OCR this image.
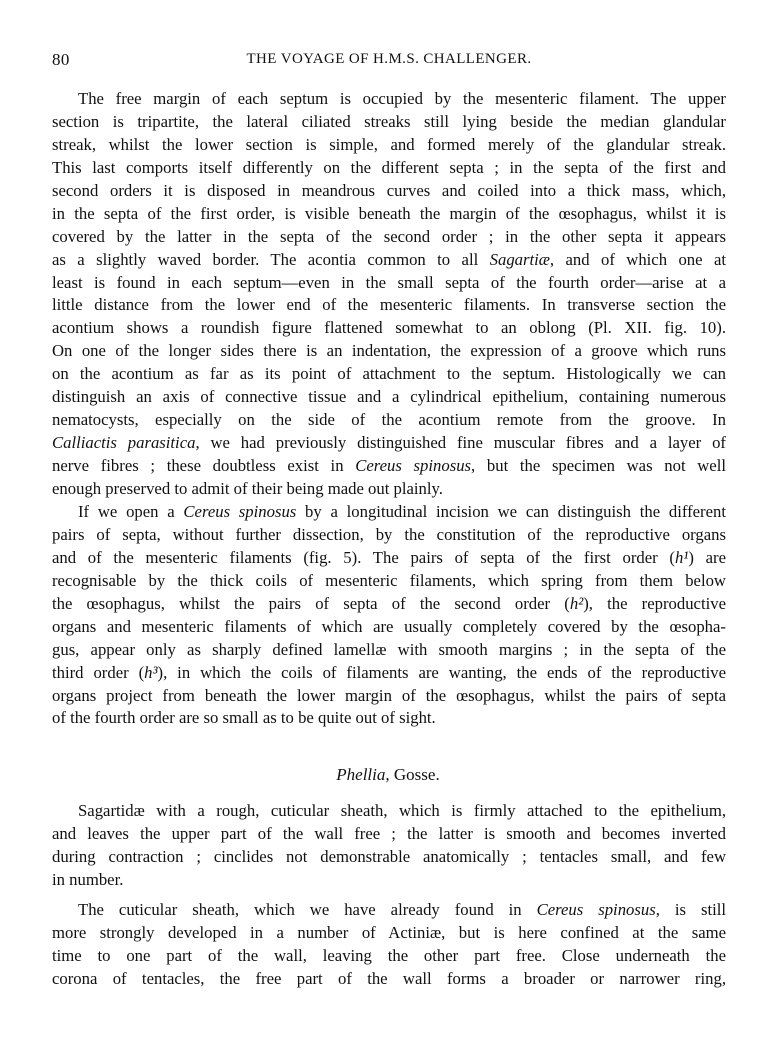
80	THE VOYAGE OF H.M.S. CHALLENGER.
The free margin of each septum is occupied by the mesenteric filament. The upper
section is tripartite, the lateral ciliated streaks still lying beside the median glandular
streak, whilst the lower section is simple, and formed merely of the glandular streak.
This last comports itself differently on the different septa ; in the septa of the first and
second orders it is disposed in meandrous curves and coiled into a thick mass, which,
in the septa of the first order, is visible beneath the margin of the œsophagus, whilst it is
covered by the latter in the septa of the second order ; in the other septa it appears
as a slightly waved border. The acontia common to all Sagartiæ, and of which one at
least is found in each septum—even in the small septa of the fourth order—arise at a
little distance from the lower end of the mesenteric filaments. In transverse section the
acontium shows a roundish figure flattened somewhat to an oblong (Pl. XII. fig. 10).
On one of the longer sides there is an indentation, the expression of a groove which runs
on the acontium as far as its point of attachment to the septum. Histologically we can
distinguish an axis of connective tissue and a cylindrical epithelium, containing numerous
nematocysts, especially on the side of the acontium remote from the groove. In
Calliactis parasitica, we had previously distinguished fine muscular fibres and a layer of
nerve fibres ; these doubtless exist in Cereus spinosus, but the specimen was not well
enough preserved to admit of their being made out plainly.
If we open a Cereus spinosus by a longitudinal incision we can distinguish the different
pairs of septa, without further dissection, by the constitution of the reproductive organs
and of the mesenteric filaments (fig. 5). The pairs of septa of the first order (h¹) are
recognisable by the thick coils of mesenteric filaments, which spring from them below
the œsophagus, whilst the pairs of septa of the second order (h²), the reproductive
organs and mesenteric filaments of which are usually completely covered by the œsopha-
gus, appear only as sharply defined lamellæ with smooth margins ; in the septa of the
third order (h³), in which the coils of filaments are wanting, the ends of the reproductive
organs project from beneath the lower margin of the œsophagus, whilst the pairs of septa
of the fourth order are so small as to be quite out of sight.
Phellia, Gosse.
Sagartidæ with a rough, cuticular sheath, which is firmly attached to the epithelium,
and leaves the upper part of the wall free ; the latter is smooth and becomes inverted
during contraction ; cinclides not demonstrable anatomically ; tentacles small, and few
in number.
The cuticular sheath, which we have already found in Cereus spinosus, is still
more strongly developed in a number of Actiniæ, but is here confined at the same
time to one part of the wall, leaving the other part free. Close underneath the
corona of tentacles, the free part of the wall forms a broader or narrower ring,
